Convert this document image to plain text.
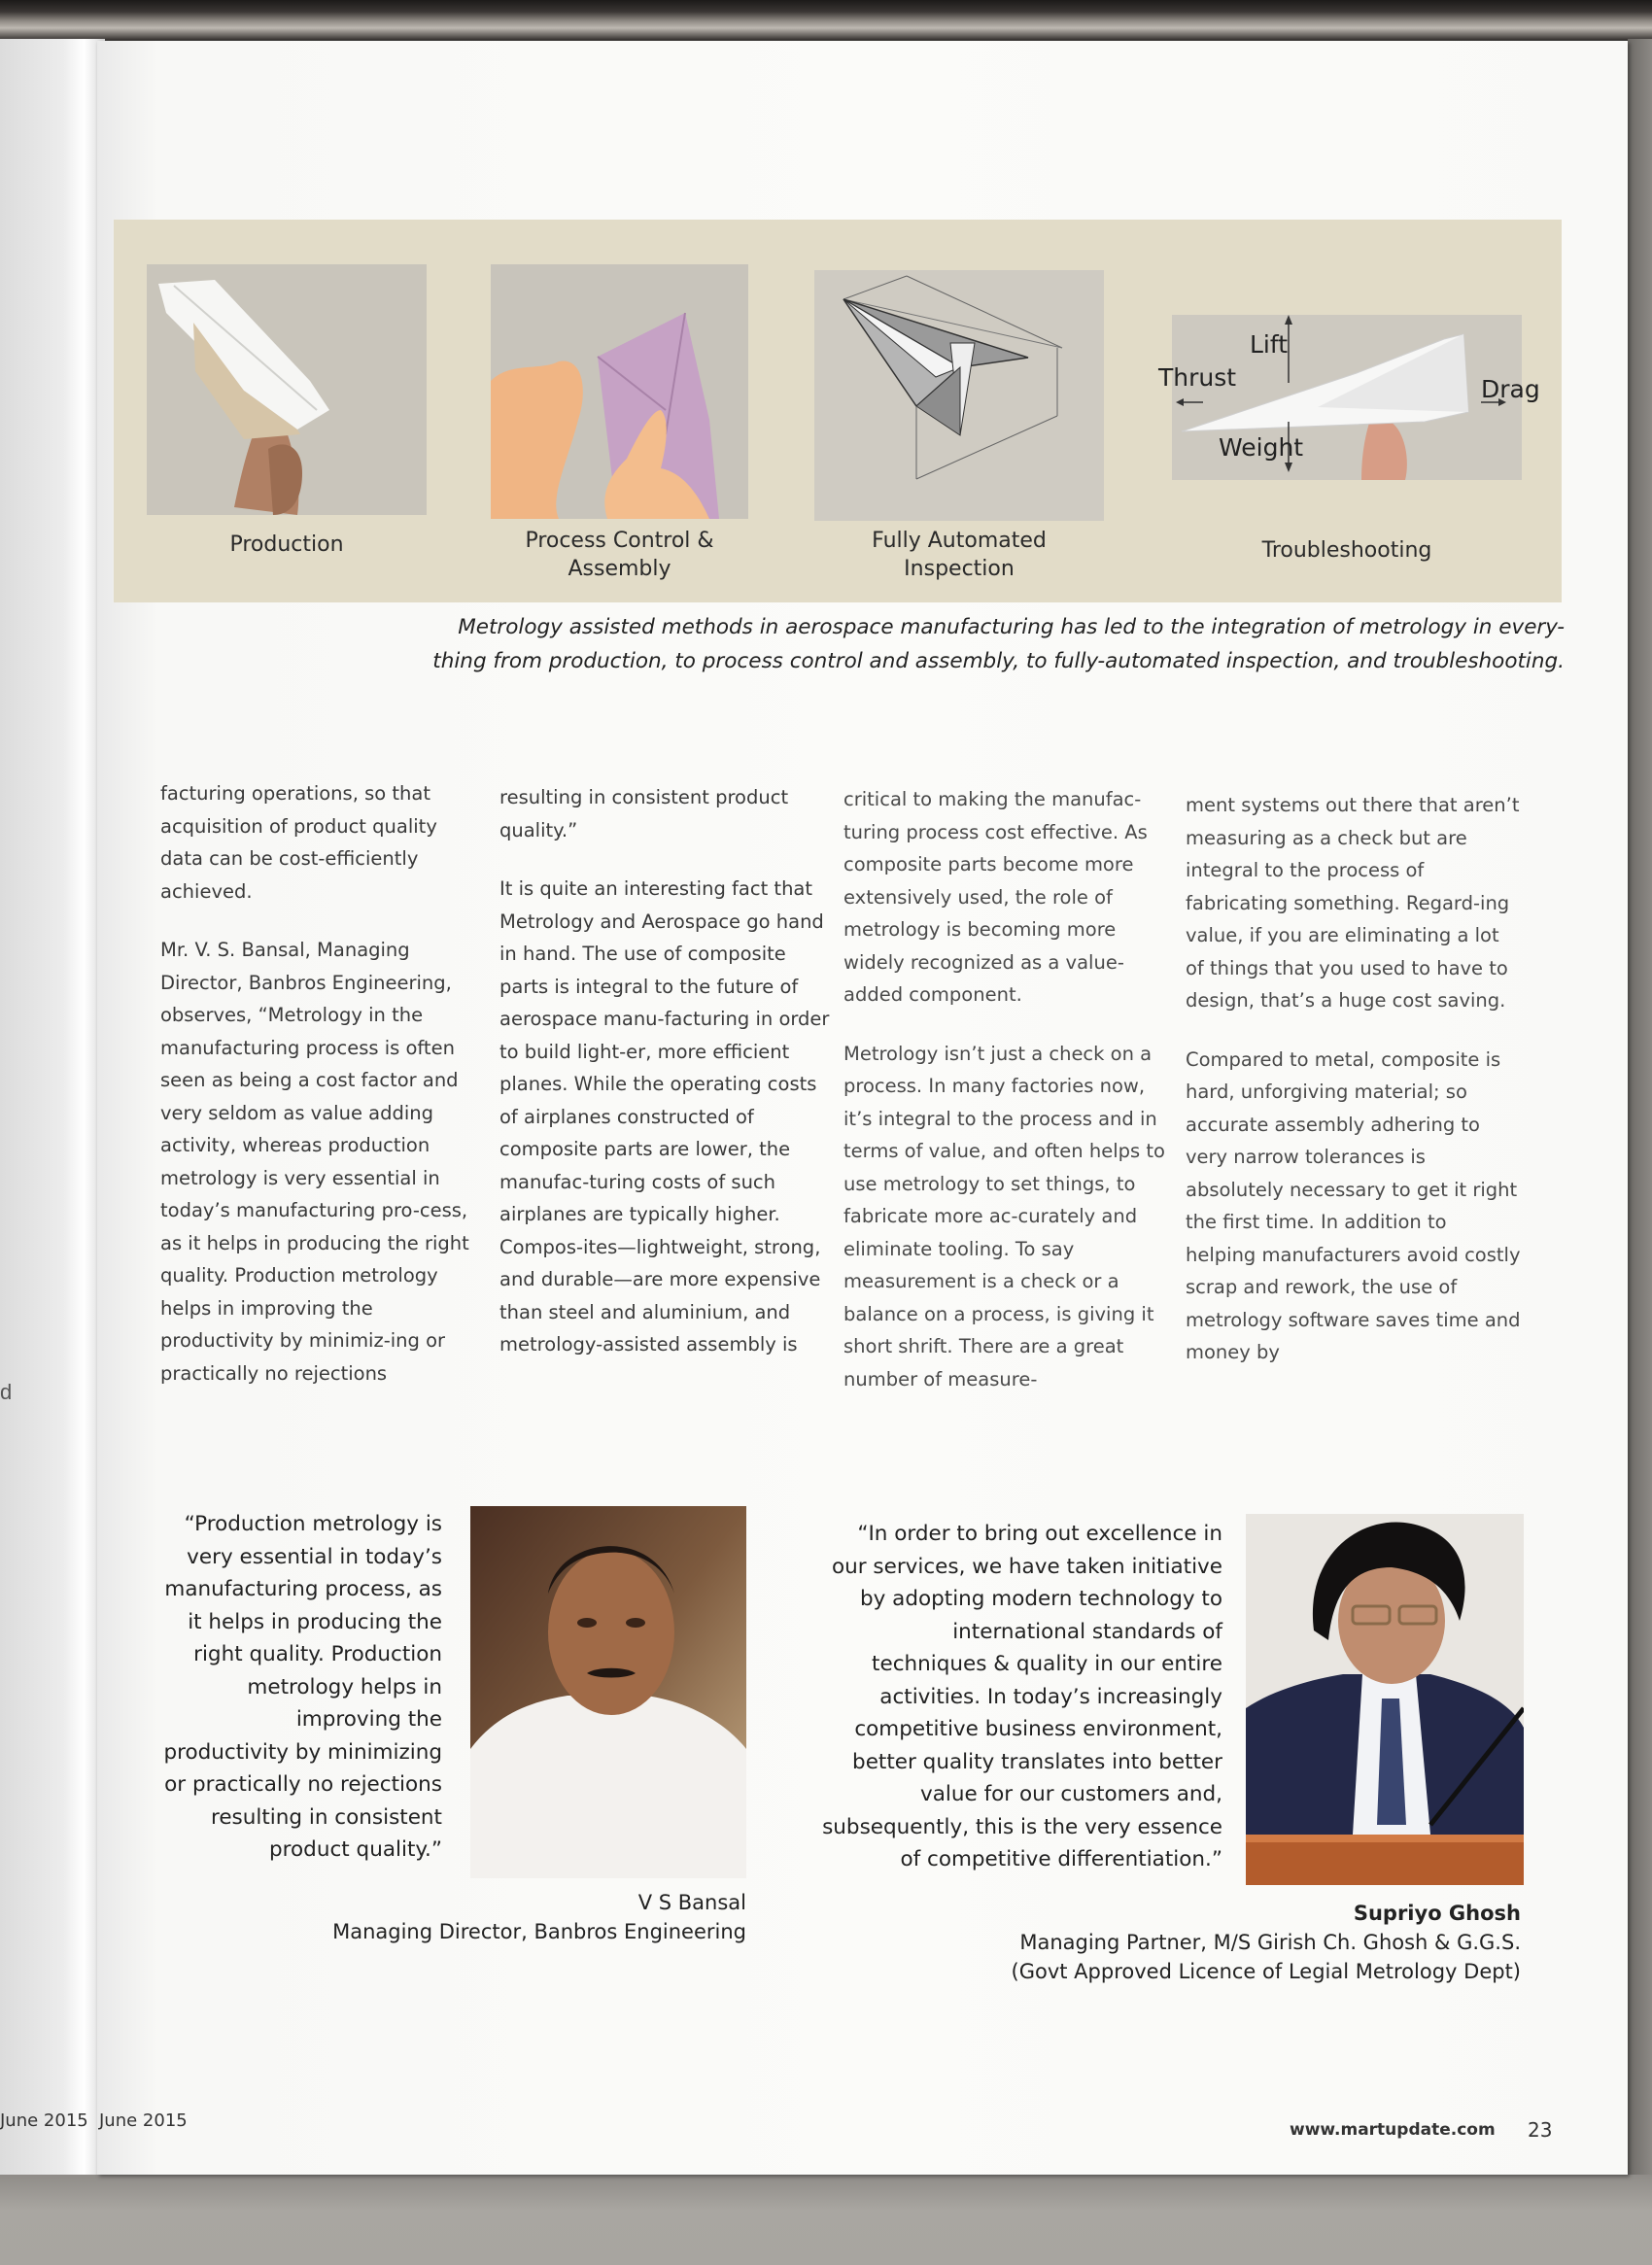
d
Production	Process Control &
Assembly
Fully Automated
Inspection
Lift
Thrust	Drag
Weight
Troubleshooting
Metrology assisted methods in aerospace manufacturing has led to the integration of metrology in every-
thing from production, to process control and assembly, to fully-automated inspection, and troubleshooting.

facturing operations, so that acquisition of product quality data can be cost-efficiently achieved.

Mr. V. S. Bansal, Managing Director, Banbros Engineering, observes, “Metrology in the manufacturing process is often seen as being a cost factor and very seldom as value adding activity, whereas production metrology is very essential in today’s manufacturing pro-cess, as it helps in producing the right quality. Production metrology helps in improving the productivity by minimiz-ing or practically no rejections

resulting in consistent product quality.”

It is quite an interesting fact that Metrology and Aerospace go hand in hand. The use of composite parts is integral to the future of aerospace manu-facturing in order to build light-er, more efficient planes. While the operating costs of airplanes constructed of composite parts are lower, the manufac-turing costs of such airplanes are typically higher. Compos-ites—lightweight, strong, and durable—are more expensive than steel and aluminium, and metrology-assisted assembly is

critical to making the manufac-turing process cost effective. As composite parts become more extensively used, the role of metrology is becoming more widely recognized as a value-added component.

Metrology isn’t just a check on a process. In many factories now, it’s integral to the process and in terms of value, and often helps to use metrology to set things, to fabricate more ac-curately and eliminate tooling. To say measurement is a check or a balance on a process, is giving it short shrift. There are a great number of measure-

ment systems out there that aren’t measuring as a check but are integral to the process of fabricating something. Regard-ing value, if you are eliminating a lot of things that you used to have to design, that’s a huge cost saving.

Compared to metal, composite is hard, unforgiving material; so accurate assembly adhering to very narrow tolerances is absolutely necessary to get it right the first time. In addition to helping manufacturers avoid costly scrap and rework, the use of metrology software saves time and money by

“Production metrology is
very essential in today’s
manufacturing process, as
it helps in producing the
right quality. Production
metrology helps in
improving the
productivity by minimizing
or practically no rejections
resulting in consistent
product quality.”
V S Bansal
Managing Director, Banbros Engineering
“In order to bring out excellence in
our services, we have taken initiative
by adopting modern technology to
international standards of
techniques & quality in our entire
activities. In today’s increasingly
competitive business environment,
better quality translates into better
value for our customers and,
subsequently, this is the very essence
of competitive differentiation.”
Supriyo Ghosh
Managing Partner, M/S Girish Ch. Ghosh & G.G.S.
(Govt Approved Licence of Legial Metrology Dept)
June 2015 June 2015	www.martupdate.com 23
